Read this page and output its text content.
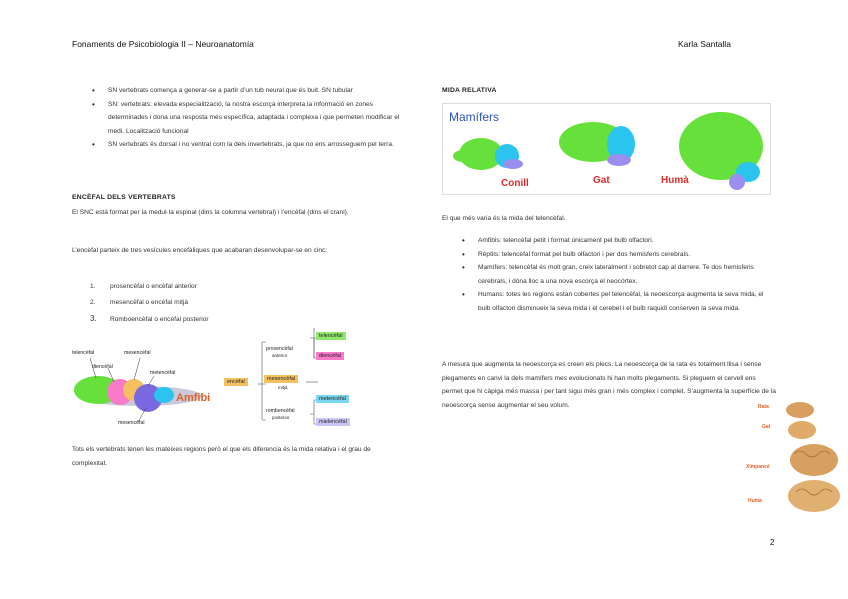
Fonaments de Psicobiologia II – Neuroanatomía	Karla Santalla
• SN vertebrats comença a generar-se a partir d’un tub neural que és buit. SN tubular
• SN: vertebrats: elevada especialització, la nostra escorça interpreta la informació en zones determinades i dona una resposta més específica, adaptada i complexa i que permeten modificar el medi. Localització funcional
• SN vertebrats és dorsal i no ventral com la dels invertebrats, ja que no ens arrosseguem pel terra.
ENCÈFAL DELS VERTEBRATS
El SNC està format per la medul·la espinal (dins la columna vertebral) i l’encèfal (dins el crani).
L’encèfal parteix de tres vesícules encefàliques que acabaran desenvolupar-se en cinc:
1. prosencèfal o encèfal anterior
2. mesencèfal o encèfal mitjà
3. Romboencèfal o encèfal posterior
telencèfal	mesencèfal
diencèfal
metencèfal
mesencèfal
Amfibi
encèfal
prosencèfal
anterior
telencèfal
diencèfal
mesencèfal
mitjà
rombencèfal
posterior
metencèfal
mielencèfal
Tots els vertebrats tenen les mateixes regions però el que els diferencia és la mida relativa i el grau de complexitat.
MIDA RELATIVA
Mamífers
Conill	Gat	Humà
El que més varia és la mida del telencèfal.
• Amfibis: telencèfal petit i format únicament pel bulb olfactori.
• Rèptils: telencèfal format pel bulb olfactori i per dos hemisferis cerebrals.
• Mamífers: telencèfal és molt gran, creix lateralment i sobretot cap al darrere. Te dos hemisferis cerebrals, i dóna lloc a una nova escorça el neocòrtex.
• Humans: totes les regions estan cobertes pel telencèfal, la neoescorça augmenta la seva mida, el bulb olfactori disminueix la seva mida i el cerebel i el bulb raquidi conserven la seva mida.
A mesura que augmenta la neoescorça es creen els plecs. La neoescorça de la rata és totalment llisa i sense plegaments en canvi la dels mamífers mes evolucionats hi han molts plegaments. Si pleguem el cervell ens permet que hi càpiga més massa i per tant sigui més gran i més complex i complet. S’augmenta la superfície de la neoescorça sense augmentar el seu volum.	Rata
Gat
Ximpancé
Humà
2
